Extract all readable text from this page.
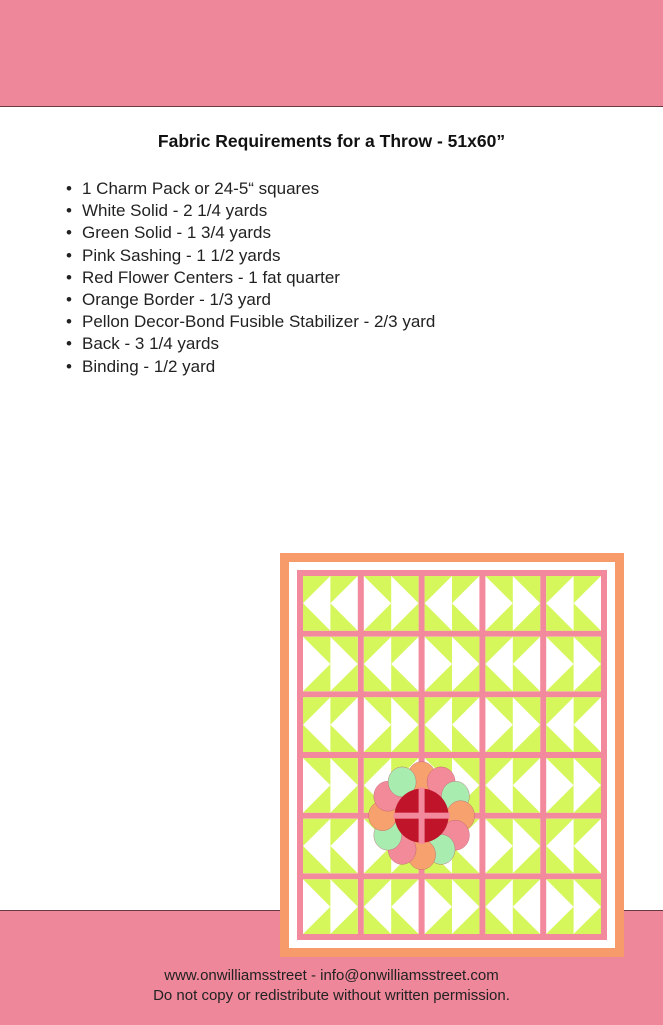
Fabric Requirements for a Throw - 51x60”
• 1 Charm Pack or 24-5“ squares
• White Solid - 2 1/4 yards
• Green Solid - 1 3/4 yards
• Pink Sashing - 1 1/2 yards
• Red Flower Centers - 1 fat quarter
• Orange Border - 1/3 yard
• Pellon Decor-Bond Fusible Stabilizer - 2/3 yard
• Back - 3 1/4 yards
• Binding - 1/2 yard
www.onwilliamsstreet - info@onwilliamsstreet.com
Do not copy or redistribute without written permission.
